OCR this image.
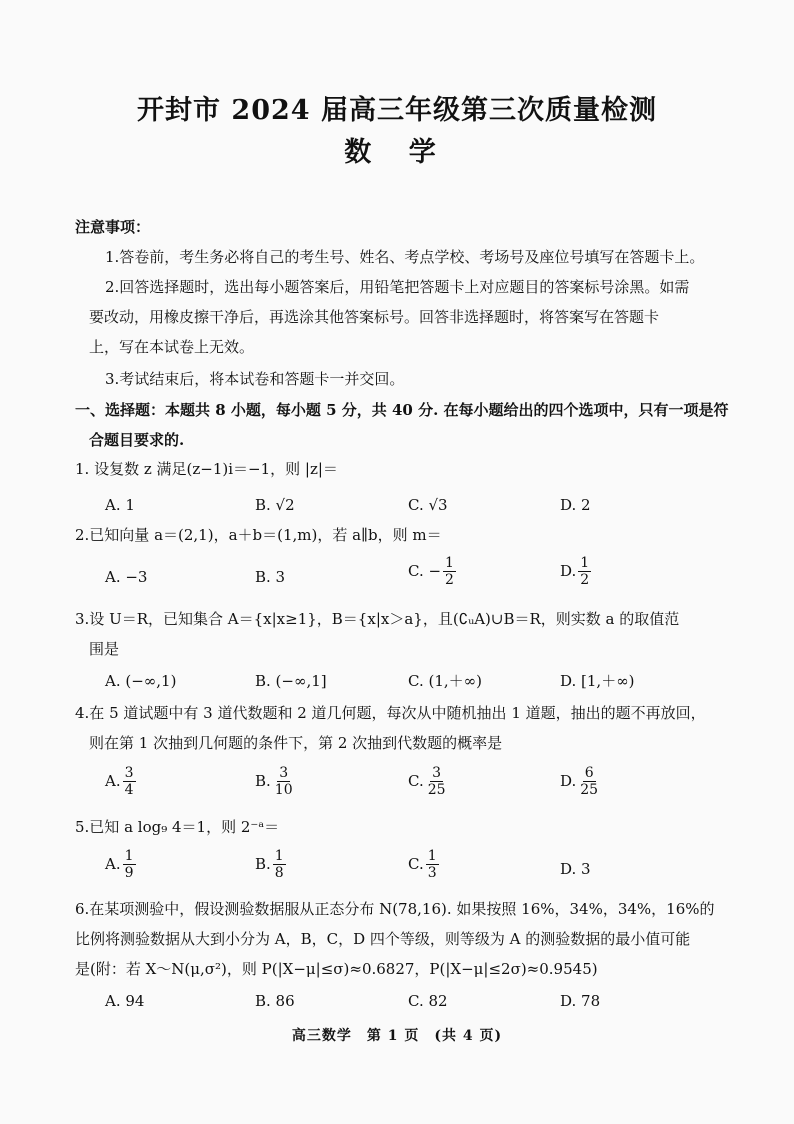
开封市 2024 届高三年级第三次质量检测
数 学
注意事项：
1.答卷前，考生务必将自己的考生号、姓名、考点学校、考场号及座位号填写在答题卡上。
2.回答选择题时，选出每小题答案后，用铅笔把答题卡上对应题目的答案标号涂黑。如需
要改动，用橡皮擦干净后，再选涂其他答案标号。回答非选择题时，将答案写在答题卡
上，写在本试卷上无效。
3.考试结束后，将本试卷和答题卡一并交回。
一、选择题：本题共 8 小题，每小题 5 分，共 40 分. 在每小题给出的四个选项中，只有一项是符
合题目要求的.
1. 设复数 z 满足(z−1)i＝−1，则 |z|＝
A. 1	B. √2	C. √3	D. 2
2.已知向量 a＝(2,1)，a＋b＝(1,m)，若 a∥b，则 m＝
A. −3	B. 3	C. − $\frac{1}{2}$	D. $\frac{1}{2}$
3.设 U＝R，已知集合 A＝{x|x≥1}，B＝{x|x＞a}，且(∁ᵤA)∪B＝R，则实数 a 的取值范
围是
A. (−∞,1)	B. (−∞,1]	C. (1,＋∞)	D. [1,＋∞)
4.在 5 道试题中有 3 道代数题和 2 道几何题，每次从中随机抽出 1 道题，抽出的题不再放回，
则在第 1 次抽到几何题的条件下，第 2 次抽到代数题的概率是
A. $\frac{3}{4}$	B. $\frac{3}{10}$	C. $\frac{3}{25}$	D. $\frac{6}{25}$
5.已知 a log₉ 4＝1，则 2⁻ᵃ＝
A. $\frac{1}{9}$	B. $\frac{1}{8}$	C. $\frac{1}{3}$	D. 3
6.在某项测验中，假设测验数据服从正态分布 N(78,16). 如果按照 16%，34%，34%，16%的
比例将测验数据从大到小分为 A，B，C，D 四个等级，则等级为 A 的测验数据的最小值可能
是(附：若 X～N(μ,σ²)，则 P(|X−μ|≤σ)≈0.6827，P(|X−μ|≤2σ)≈0.9545)
A. 94	B. 86	C. 82	D. 78
高三数学　第 1 页　(共 4 页)
